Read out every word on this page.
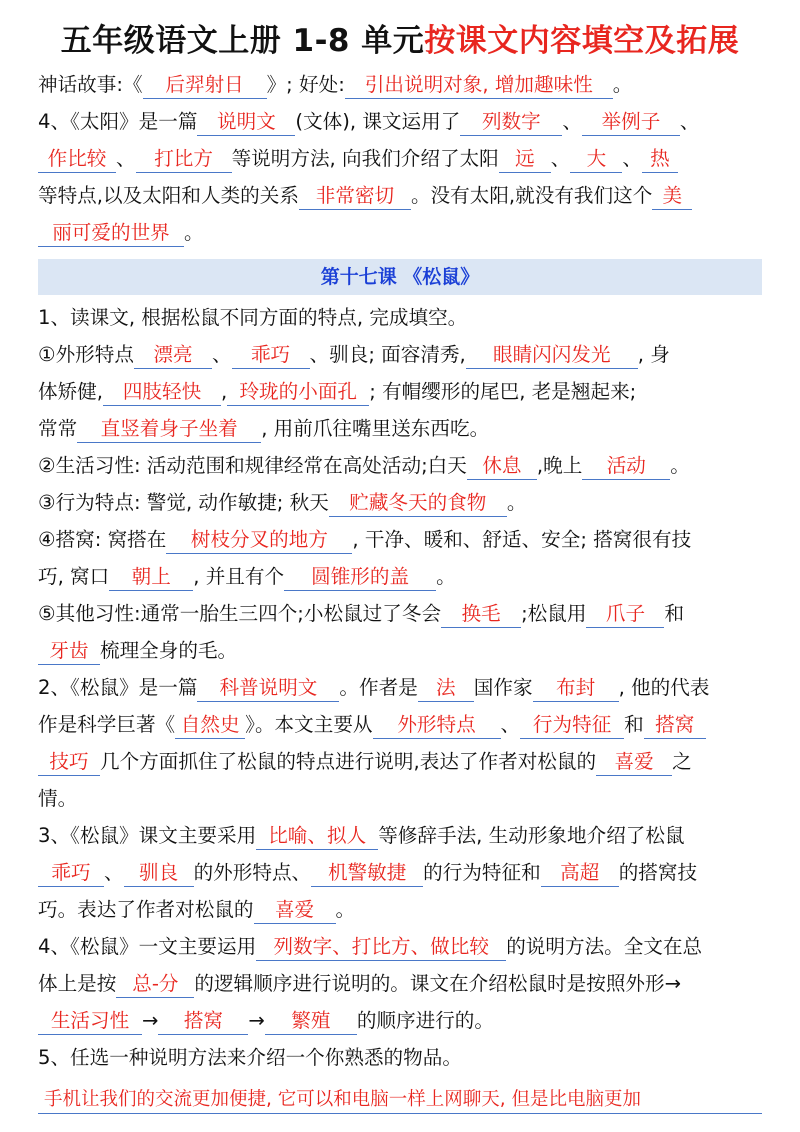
五年级语文上册 1-8 单元按课文内容填空及拓展
神话故事:《 后羿射日 》; 好处: 引出说明对象, 增加趣味性 。
4、《太阳》是一篇 说明文 (文体), 课文运用了 列数字 、 举例子 、
作比较 、 打比方 等说明方法, 向我们介绍了太阳 远 、 大 、 热
等特点,以及太阳和人类的关系 非常密切 。没有太阳,就没有我们这个 美
丽可爱的世界 。
第十七课 《松鼠》
1、读课文, 根据松鼠不同方面的特点, 完成填空。
①外形特点 漂亮 、 乖巧 、驯良; 面容清秀, 眼睛闪闪发光 , 身
体矫健, 四肢轻快 , 玲珑的小面孔 ; 有帽缨形的尾巴, 老是翘起来;
常常 直竖着身子坐着 , 用前爪往嘴里送东西吃。
②生活习性: 活动范围和规律经常在高处活动;白天 休息 ,晚上 活动 。
③行为特点: 警觉, 动作敏捷; 秋天 贮藏冬天的食物 。
④搭窝: 窝搭在 树枝分叉的地方 , 干净、暖和、舒适、安全; 搭窝很有技
巧, 窝口 朝上 , 并且有个 圆锥形的盖 。
⑤其他习性:通常一胎生三四个;小松鼠过了冬会 换毛 ;松鼠用 爪子 和
牙齿 梳理全身的毛。
2、《松鼠》是一篇 科普说明文 。作者是 法 国作家 布封 , 他的代表
作是科学巨著《 自然史 》。本文主要从 外形特点 、 行为特征 和 搭窝
技巧 几个方面抓住了松鼠的特点进行说明,表达了作者对松鼠的 喜爱 之
情。
3、《松鼠》课文主要采用 比喻、拟人 等修辞手法, 生动形象地介绍了松鼠
乖巧 、 驯良 的外形特点、 机警敏捷 的行为特征和 高超 的搭窝技
巧。表达了作者对松鼠的 喜爱 。
4、《松鼠》一文主要运用 列数字、打比方、做比较 的说明方法。全文在总
体上是按 总-分 的逻辑顺序进行说明的。课文在介绍松鼠时是按照外形→
生活习性 → 搭窝 → 繁殖 的顺序进行的。
5、任选一种说明方法来介绍一个你熟悉的物品。
手机让我们的交流更加便捷, 它可以和电脑一样上网聊天, 但是比电脑更加
